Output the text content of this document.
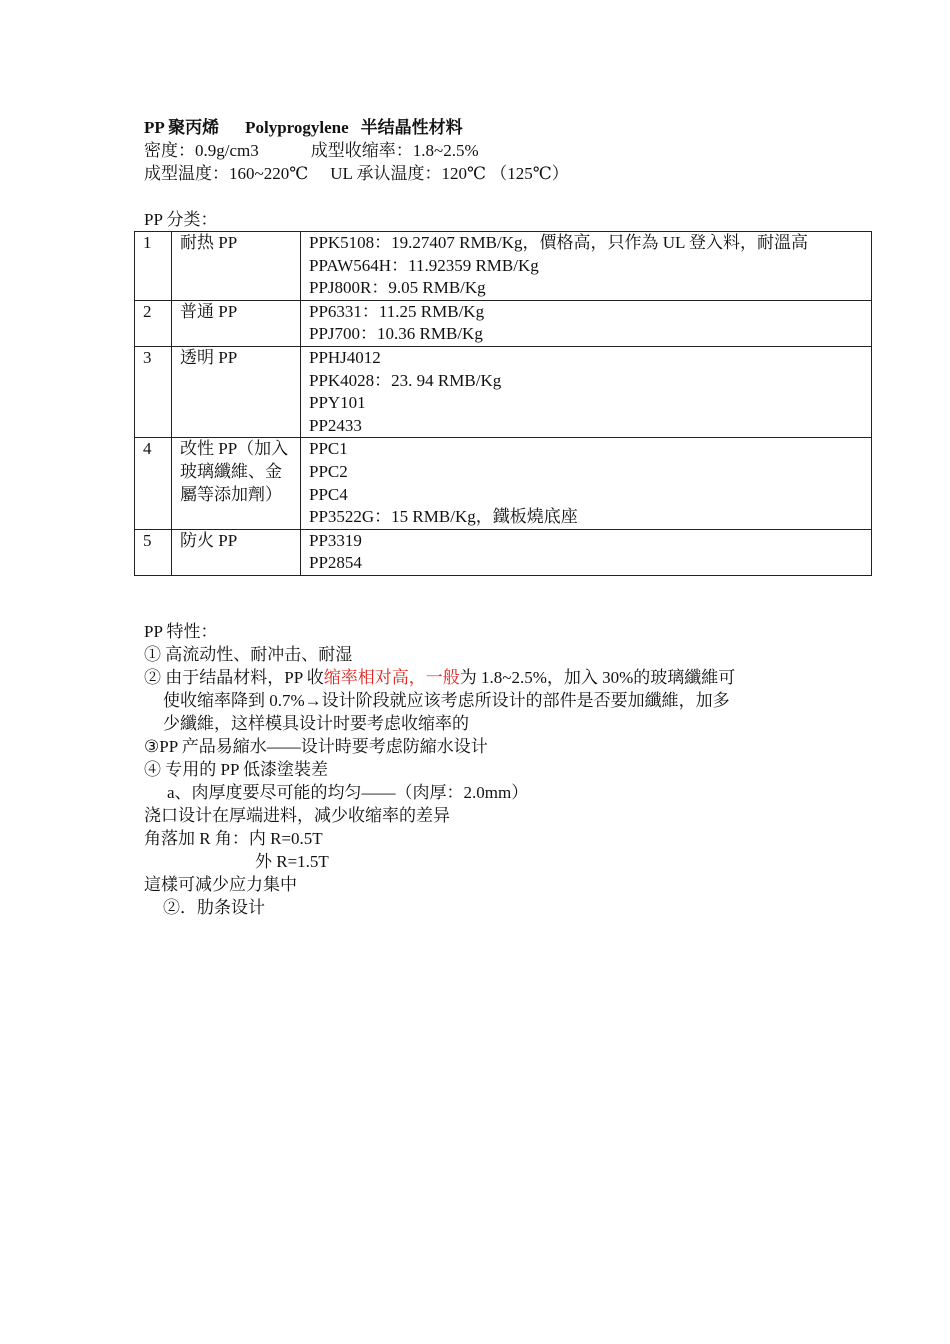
PP 聚丙烯 Polyprogylene 半结晶性材料
密度：0.9g/cm3	成型收缩率：1.8~2.5%
成型温度：160~220℃ UL 承认温度：120℃ （125℃）
PP 分类：
1	耐热 PP	PPK5108：19.27407 RMB/Kg，價格高，只作為 UL 登入料，耐溫高
PPAW564H：11.92359 RMB/Kg
PPJ800R：9.05 RMB/Kg

2	普通 PP	PP6331：11.25 RMB/Kg
PPJ700：10.36 RMB/Kg

3	透明 PP	PPHJ4012
PPK4028：23. 94 RMB/Kg
PPY101
PP2433

4	改性 PP（加入玻璃纖維、金屬等添加劑）	PPC1
PPC2
PPC4
PP3522G：15 RMB/Kg，鐵板燒底座

5	防火 PP	PP3319
PP2854
PP 特性：
① 高流动性、耐冲击、耐湿
② 由于结晶材料，PP 收缩率相对高，一般为 1.8~2.5%，加入 30%的玻璃纖維可
使收缩率降到 0.7%→设计阶段就应该考虑所设计的部件是否要加纖維，加多
少纖維，这样模具设计时要考虑收缩率的
③PP 产品易縮水——设计時要考虑防縮水设计
④ 专用的 PP 低漆塗裝差
a、肉厚度要尽可能的均匀——（肉厚：2.0mm）
浇口设计在厚端进料，减少收缩率的差异
角落加 R 角：内 R=0.5T
外 R=1.5T
這樣可减少应力集中
②．肋条设计
